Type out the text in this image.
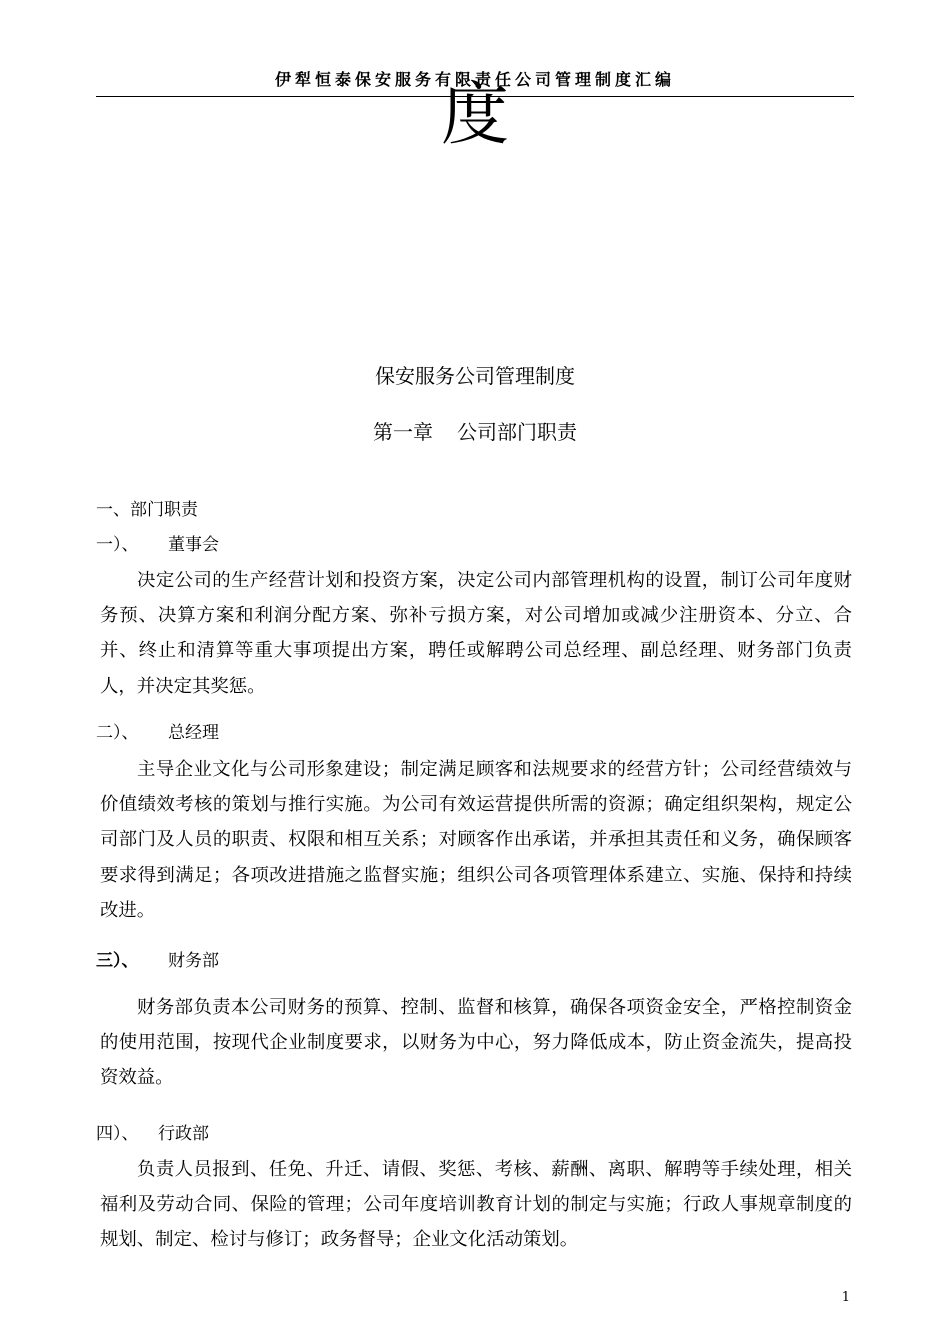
伊犁恒泰保安服务有限责任公司管理制度汇编
度
保安服务公司管理制度
第一章 公司部门职责
一、部门职责
一）、 董事会
决定公司的生产经营计划和投资方案，决定公司内部管理机构的设置，制订公司年度财务预、决算方案和利润分配方案、弥补亏损方案，对公司增加或减少注册资本、分立、合并、终止和清算等重大事项提出方案，聘任或解聘公司总经理、副总经理、财务部门负责人，并决定其奖惩。
二）、 总经理
主导企业文化与公司形象建设；制定满足顾客和法规要求的经营方针；公司经营绩效与价值绩效考核的策划与推行实施。为公司有效运营提供所需的资源；确定组织架构，规定公司部门及人员的职责、权限和相互关系；对顾客作出承诺，并承担其责任和义务，确保顾客要求得到满足；各项改进措施之监督实施；组织公司各项管理体系建立、实施、保持和持续改进。
三）、 财务部
财务部负责本公司财务的预算、控制、监督和核算，确保各项资金安全，严格控制资金的使用范围，按现代企业制度要求，以财务为中心，努力降低成本，防止资金流失，提高投资效益。
四）、 行政部
负责人员报到、任免、升迁、请假、奖惩、考核、薪酬、离职、解聘等手续处理，相关福利及劳动合同、保险的管理；公司年度培训教育计划的制定与实施；行政人事规章制度的规划、制定、检讨与修订；政务督导；企业文化活动策划。
1
